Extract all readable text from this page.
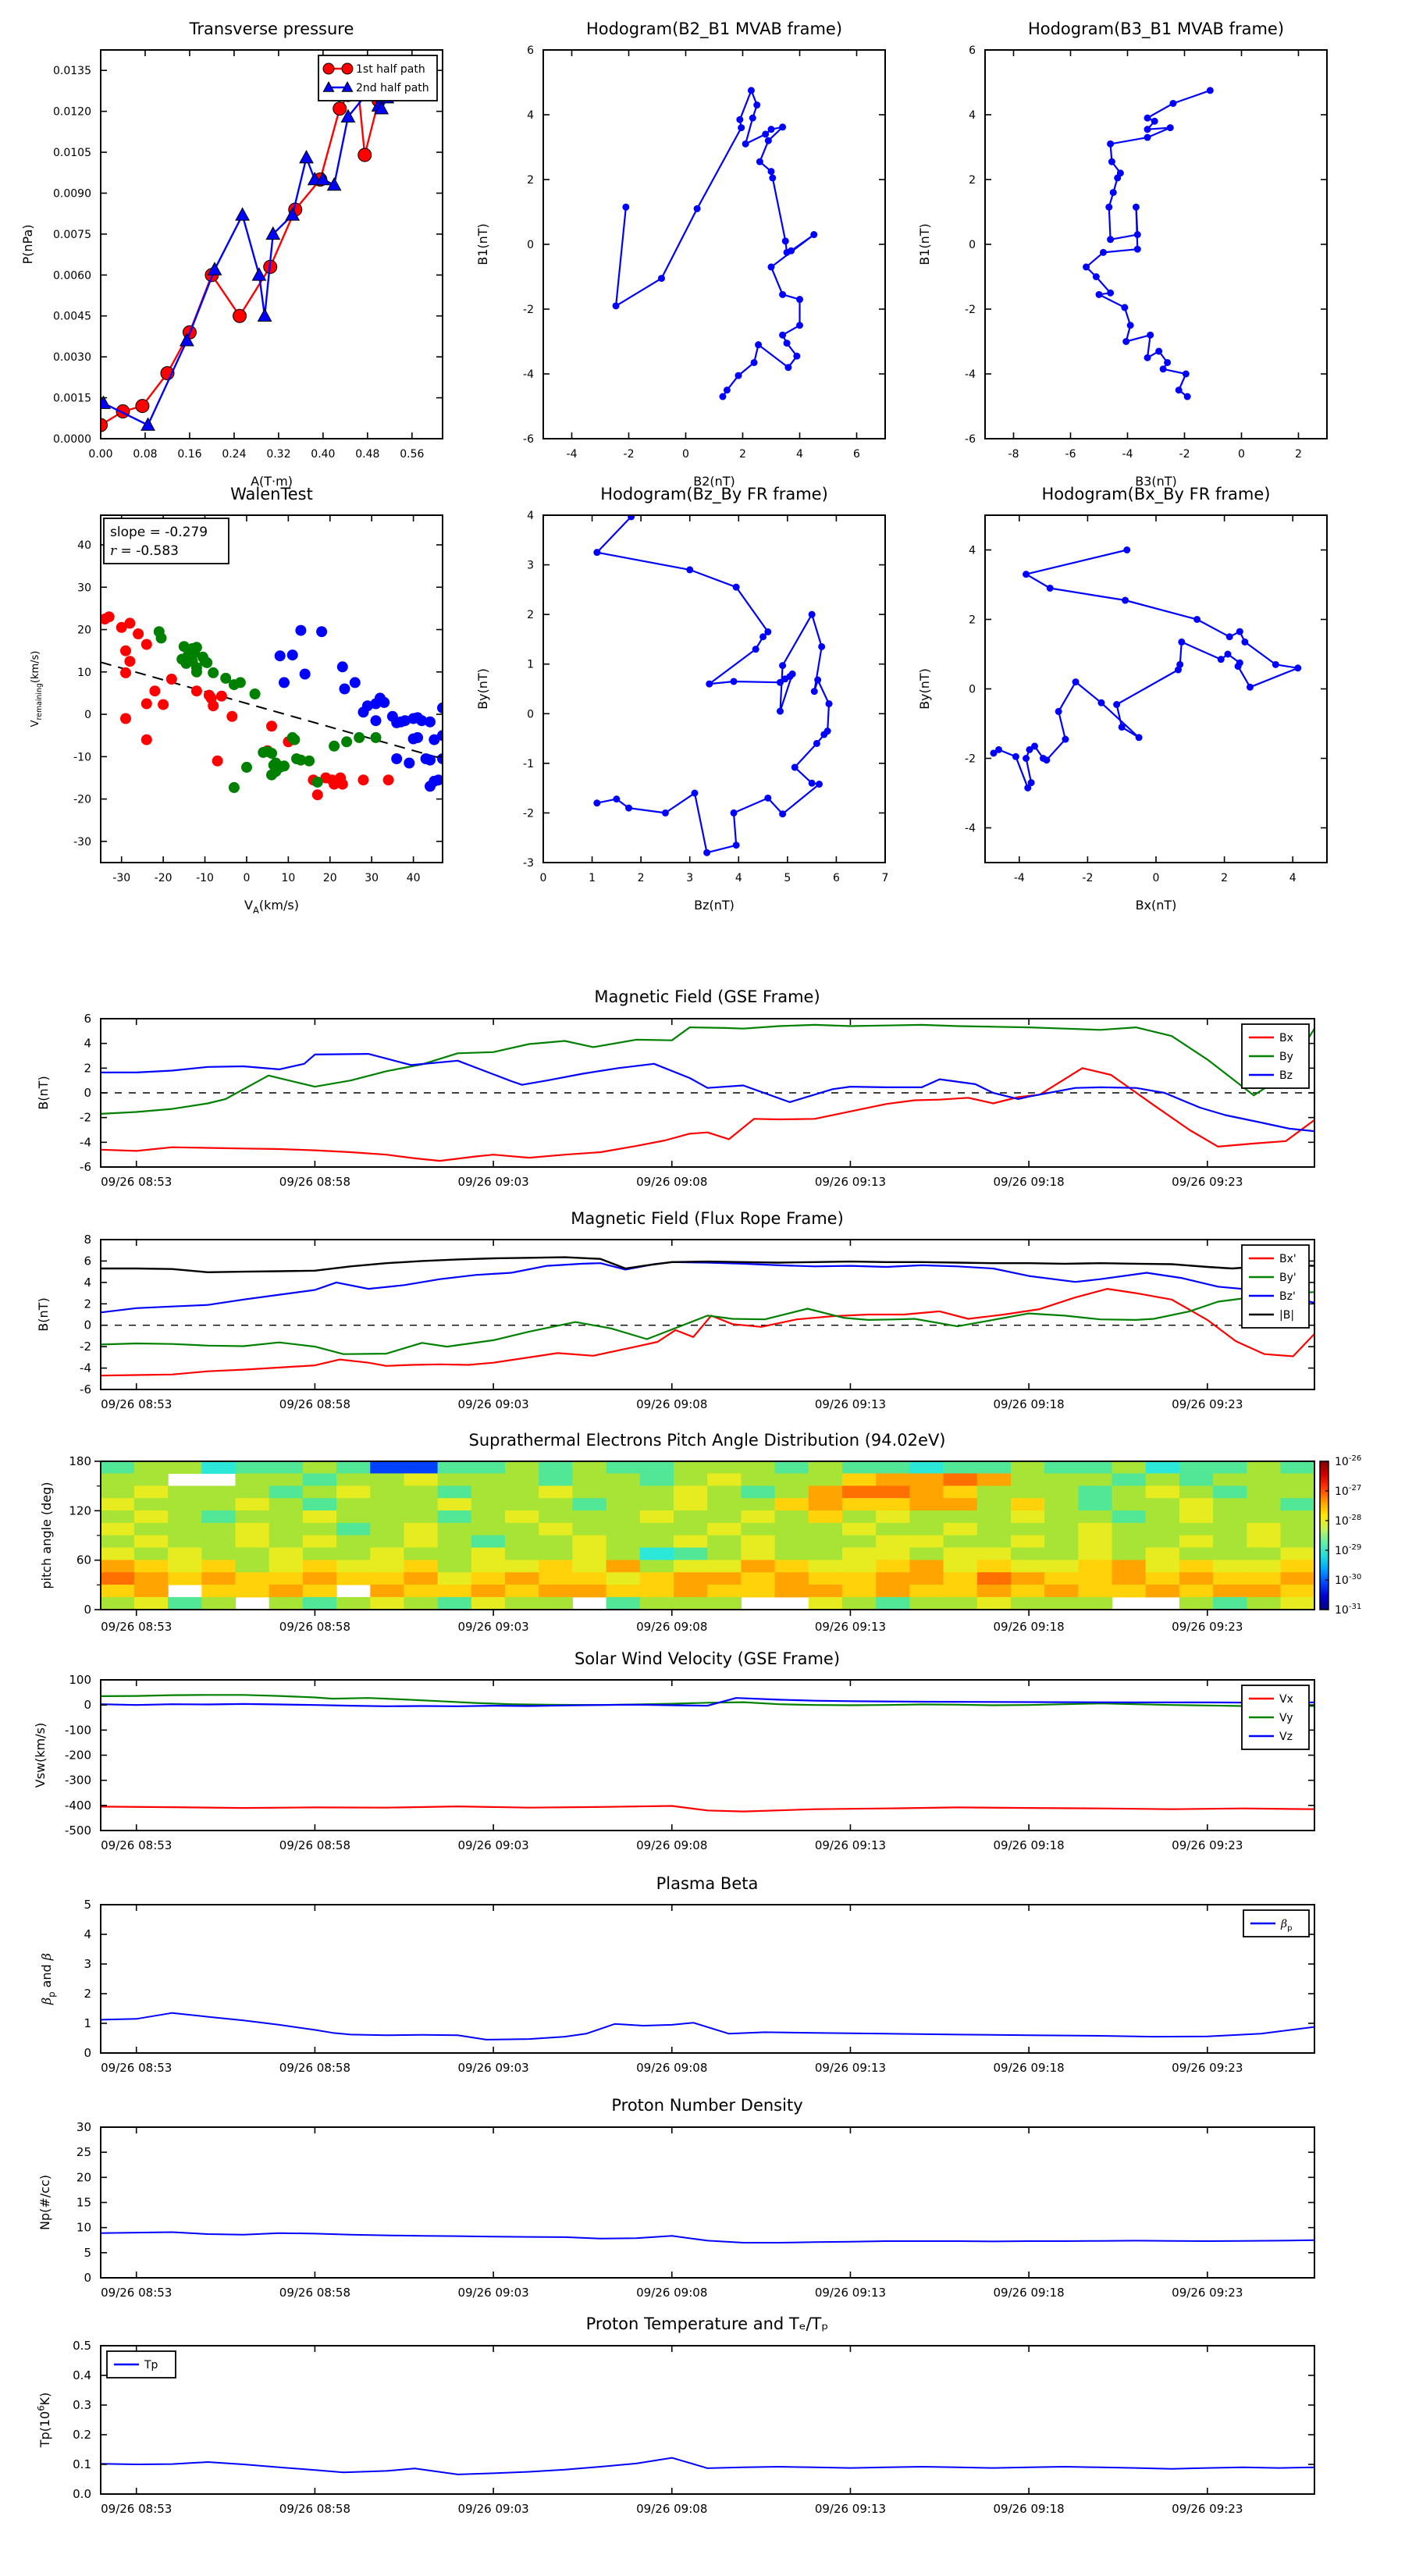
0.00 0.08 0.16 0.24 0.32 0.40 0.48 0.56
0.0000
0.0015
0.0030
0.0045
0.0060
0.0075
0.0090
0.0105
0.0120
0.0135
A(T·m)
P(nPa)
1st half path
2nd half path
-4	-2	0	2	4	6
-6
-4
-2
0
2
4
6
B2(nT)
B1(nT)
-8	-6	-4	-2	0	2
-6
-4
-2
0
2
4
6
B3(nT)
B1(nT)
-30 -20 -10	0	10	20	30	40
-30
-20
-10
0
10
20
30
40
$V_A(km/s)$
$V_{remaining}(km/s)$
slope = -0.279
r = -0.583
0	1	2	3	4	5	6	7
-3
-2
-1
0
1
2
3
4
Bz(nT)
By(nT)
-4	-2	0	2	4
-4
-2
0
2
4
Bx(nT)
By(nT)
09/26 08:53	09/26 08:58	09/26 09:03	09/26 09:08	09/26 09:13	09/26 09:18	09/26 09:23
-6
-4
-2
0
2
4
6
B(nT)
Bx
By
Bz
09/26 08:53	09/26 08:58	09/26 09:03	09/26 09:08	09/26 09:13	09/26 09:18	09/26 09:23
-6
-4
-2
0
2
4
6
8
B(nT)
Bx'
By'
Bz'
|B|
09/26 08:53	09/26 08:58	09/26 09:03	09/26 09:08	09/26 09:13	09/26 09:18	09/26 09:23
0
60
120
180
pitch angle (deg)
$10^{-26}$
$10^{-27}$
$10^{-28}$
$10^{-29}$
$10^{-30}$
$10^{-31}$
09/26 08:53	09/26 08:58	09/26 09:03	09/26 09:08	09/26 09:13	09/26 09:18	09/26 09:23
100
0
-100
-200
-300
-400
-500
Vsw(km/s)
Vx
Vy
Vz
09/26 08:53	09/26 08:58	09/26 09:03	09/26 09:08	09/26 09:13	09/26 09:18	09/26 09:23
0
1
2
3
4
5
$\beta_p$ and β
$\beta_p$
09/26 08:53	09/26 08:58	09/26 09:03	09/26 09:08	09/26 09:13	09/26 09:18	09/26 09:23
0
5
10
15
20
25
30
Np(#/cc)
09/26 08:53	09/26 08:58	09/26 09:03	09/26 09:08	09/26 09:13	09/26 09:18	09/26 09:23
0.0
0.1
0.2
0.3
0.4
0.5
$Tp(10^6K)$
Tp
Transverse pressure	Hodogram(B2_B1 MVAB frame)	Hodogram(B3_B1 MVAB frame)
WalenTest	Hodogram(Bz_By FR frame)	Hodogram(Bx_By FR frame)
Magnetic Field (GSE Frame)
Magnetic Field (Flux Rope Frame)
Suprathermal Electrons Pitch Angle Distribution (94.02eV)
Solar Wind Velocity (GSE Frame)
Plasma Beta
Proton Number Density
Proton Temperature and Tₑ/Tₚ
